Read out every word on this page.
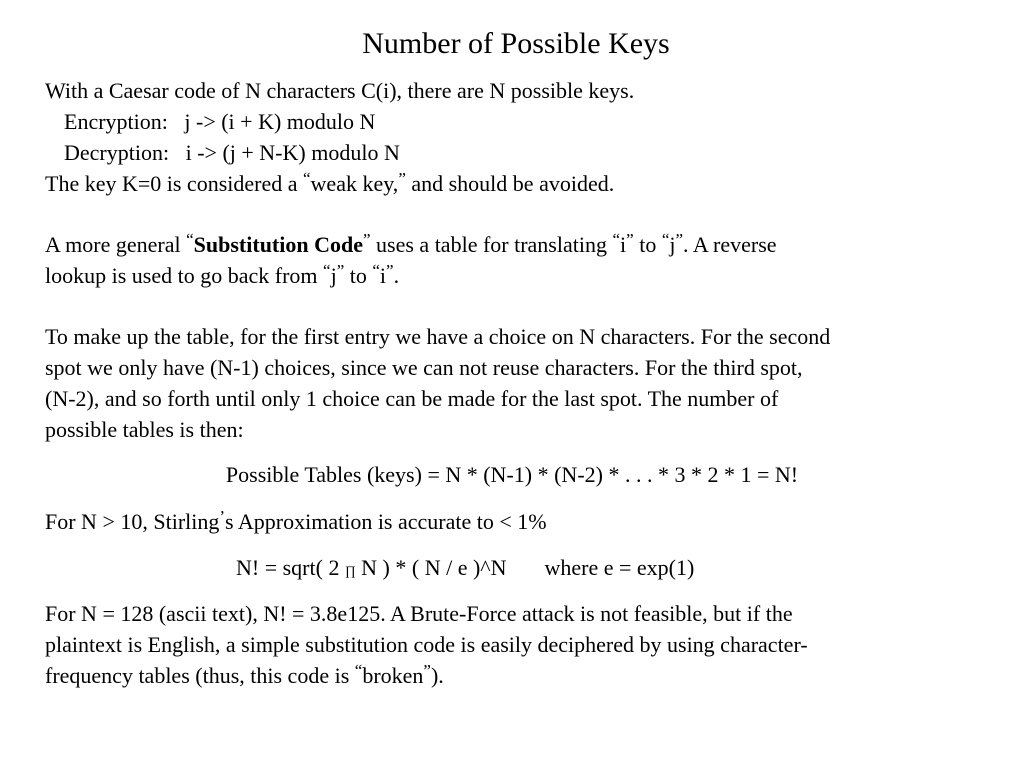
Number of Possible Keys
With a Caesar code of N characters C(i), there are N possible keys.
Encryption: j -> (i + K) modulo N
Decryption: i -> (j + N-K) modulo N
The key K=0 is considered a “weak key,” and should be avoided.
A more general “Substitution Code” uses a table for translating “i” to “j”. A reverse
lookup is used to go back from “j” to “i”.
To make up the table, for the first entry we have a choice on N characters. For the second
spot we only have (N-1) choices, since we can not reuse characters. For the third spot,
(N-2), and so forth until only 1 choice can be made for the last spot. The number of
possible tables is then:
Possible Tables (keys) = N * (N-1) * (N-2) * . . . * 3 * 2 * 1 = N!
For N > 10, Stirling’s Approximation is accurate to < 1%
N! = sqrt( 2 ∏ N ) * ( N / e )^N where e = exp(1)
For N = 128 (ascii text), N! = 3.8e125. A Brute-Force attack is not feasible, but if the
plaintext is English, a simple substitution code is easily deciphered by using character-
frequency tables (thus, this code is “broken”).
